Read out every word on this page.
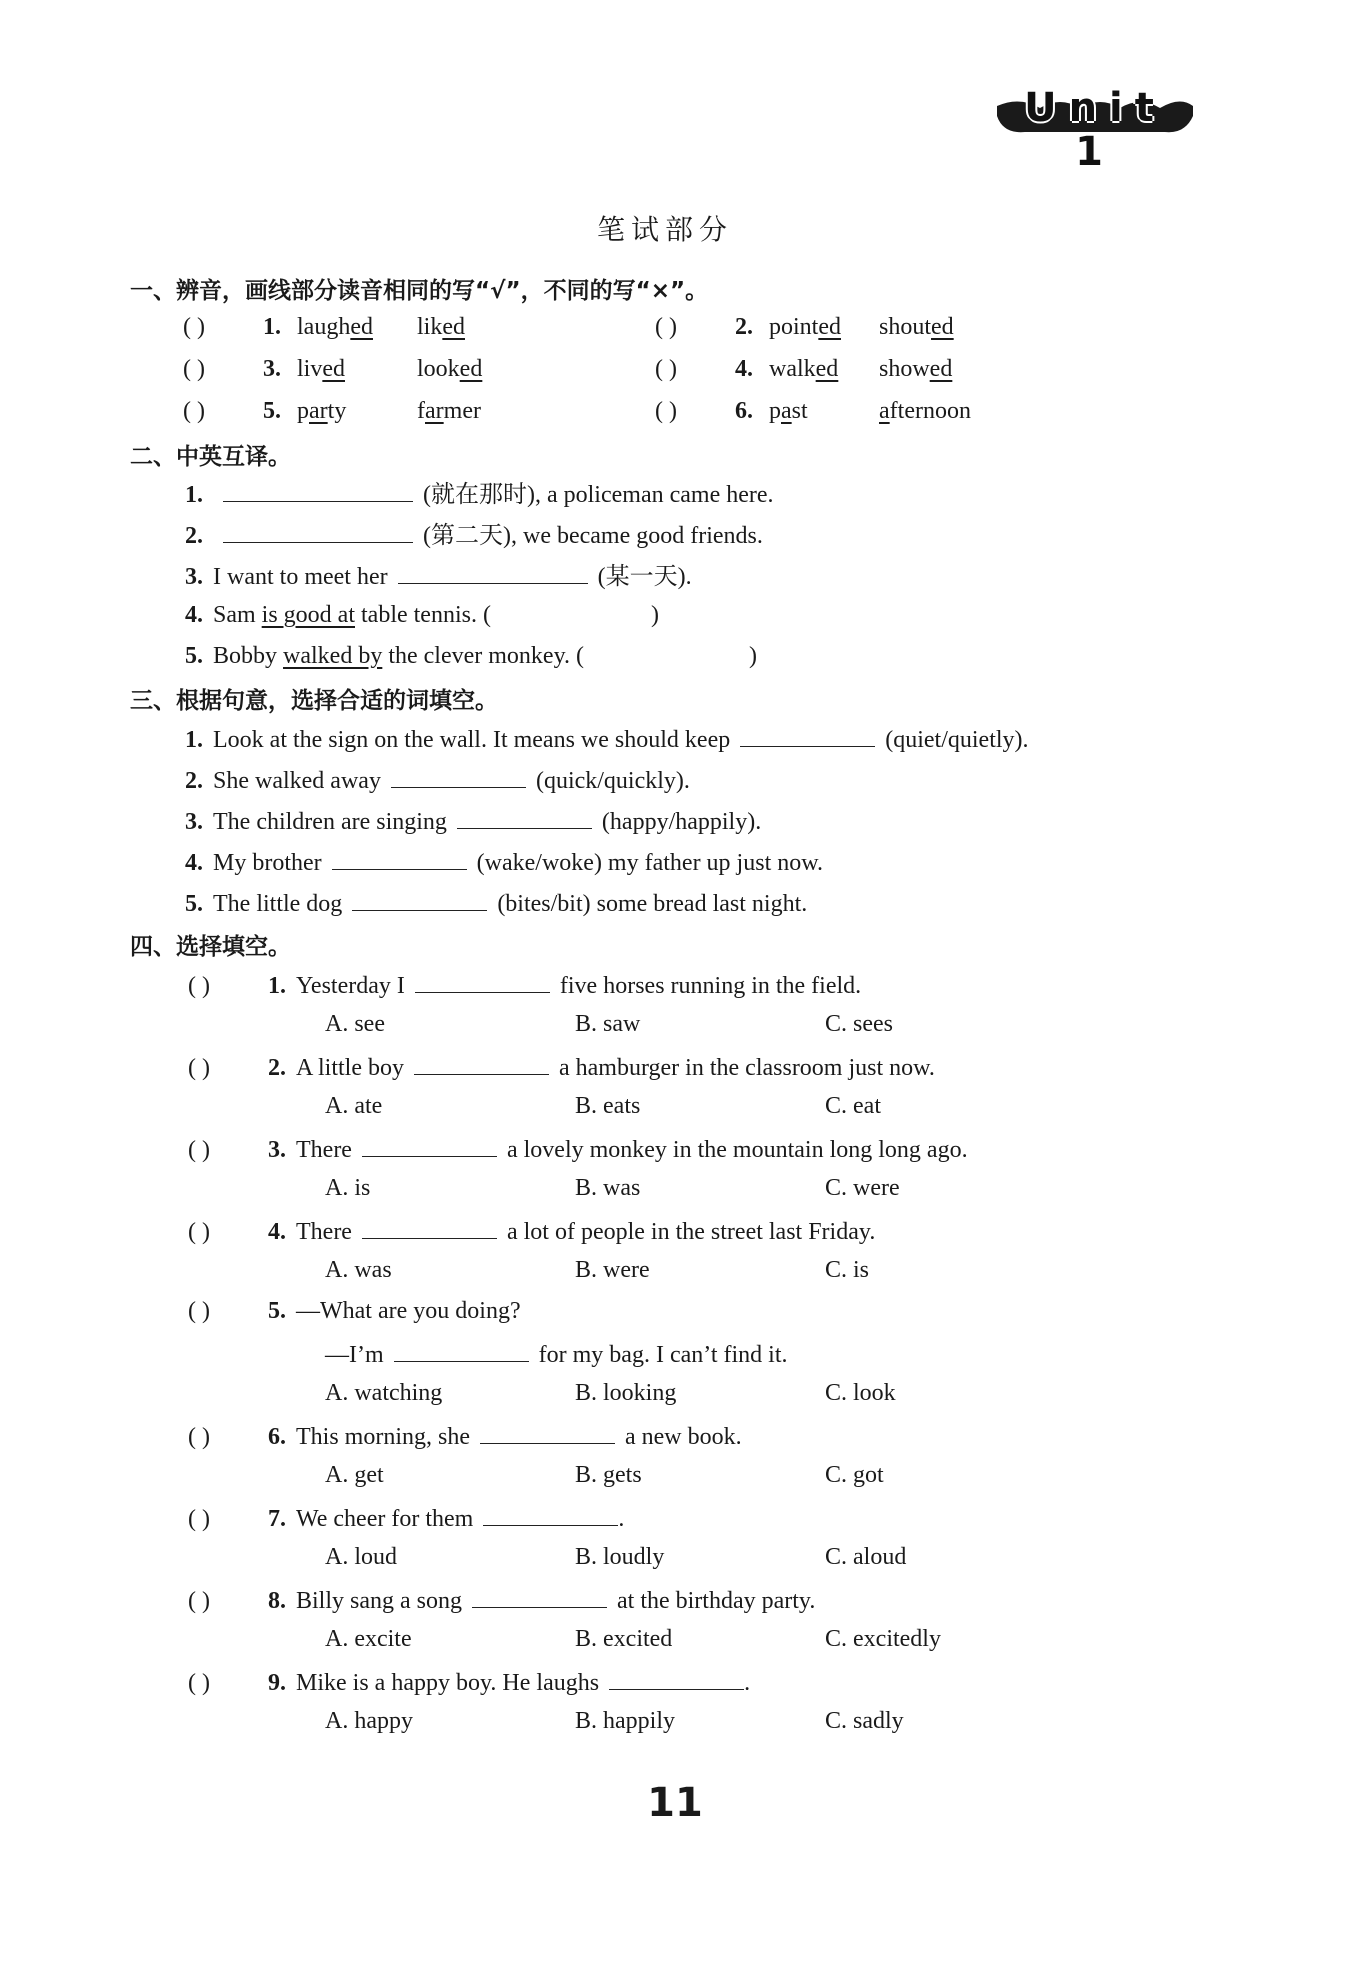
Unit 1
笔试部分
一、辨音，画线部分读音相同的写“√”，不同的写“×”。
( ) 1. laughed liked	( ) 2. pointed shouted
( ) 3. lived	looked	( ) 4. walked showed
( ) 5. party	farmer	( ) 6. past	afternoon
二、中英互译。
1.	(就在那时), a policeman came here.
2.	(第二天), we became good friends.
3. I want to meet her	(某一天).
4. Sam is good at table tennis. (	)
5. Bobby walked by the clever monkey. (	)
三、根据句意，选择合适的词填空。
1. Look at the sign on the wall. It means we should keep	(quiet/quietly).
2. She walked away	(quick/quickly).
3. The children are singing	(happy/happily).
4. My brother	(wake/woke) my father up just now.
5. The little dog	(bites/bit) some bread last night.
四、选择填空。
( ) 1. Yesterday I	five horses running in the field.
A. see	B. saw	C. sees
( ) 2. A little boy	a hamburger in the classroom just now.
A. ate	B. eats	C. eat
( ) 3. There	a lovely monkey in the mountain long long ago.
A. is	B. was	C. were
( ) 4. There	a lot of people in the street last Friday.
A. was	B. were	C. is
( ) 5. —What are you doing?
—I’m	for my bag. I can’t find it.
A. watching	B. looking	C. look
( ) 6. This morning, she	a new book.
A. get	B. gets	C. got
( ) 7. We cheer for them	.
A. loud	B. loudly	C. aloud
( ) 8. Billy sang a song	at the birthday party.
A. excite	B. excited	C. excitedly
( ) 9. Mike is a happy boy. He laughs	.
A. happy	B. happily	C. sadly
11
